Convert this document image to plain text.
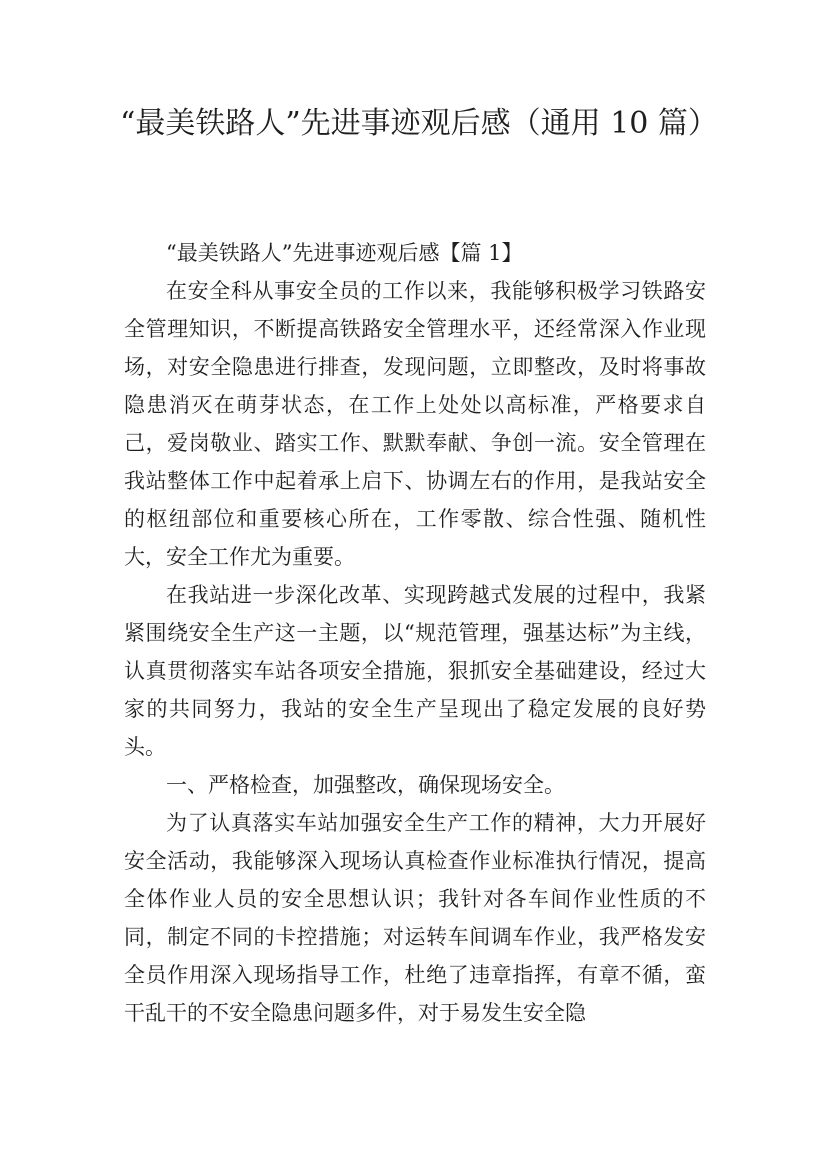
“最美铁路人”先进事迹观后感（通用 10 篇）

“最美铁路人”先进事迹观后感【篇 1】

在安全科从事安全员的工作以来，我能够积极学习铁路安全管理知识，不断提高铁路安全管理水平，还经常深入作业现场，对安全隐患进行排查，发现问题，立即整改，及时将事故隐患消灭在萌芽状态，在工作上处处以高标准，严格要求自己，爱岗敬业、踏实工作、默默奉献、争创一流。安全管理在我站整体工作中起着承上启下、协调左右的作用，是我站安全的枢纽部位和重要核心所在，工作零散、综合性强、随机性大，安全工作尤为重要。

在我站进一步深化改革、实现跨越式发展的过程中，我紧紧围绕安全生产这一主题，以“规范管理，强基达标”为主线，认真贯彻落实车站各项安全措施，狠抓安全基础建设，经过大家的共同努力，我站的安全生产呈现出了稳定发展的良好势头。

一、严格检查，加强整改，确保现场安全。

为了认真落实车站加强安全生产工作的精神，大力开展好安全活动，我能够深入现场认真检查作业标准执行情况，提高全体作业人员的安全思想认识；我针对各车间作业性质的不同，制定不同的卡控措施；对运转车间调车作业，我严格发安全员作用深入现场指导工作，杜绝了违章指挥，有章不循，蛮干乱干的不安全隐患问题多件，对于易发生安全隐
